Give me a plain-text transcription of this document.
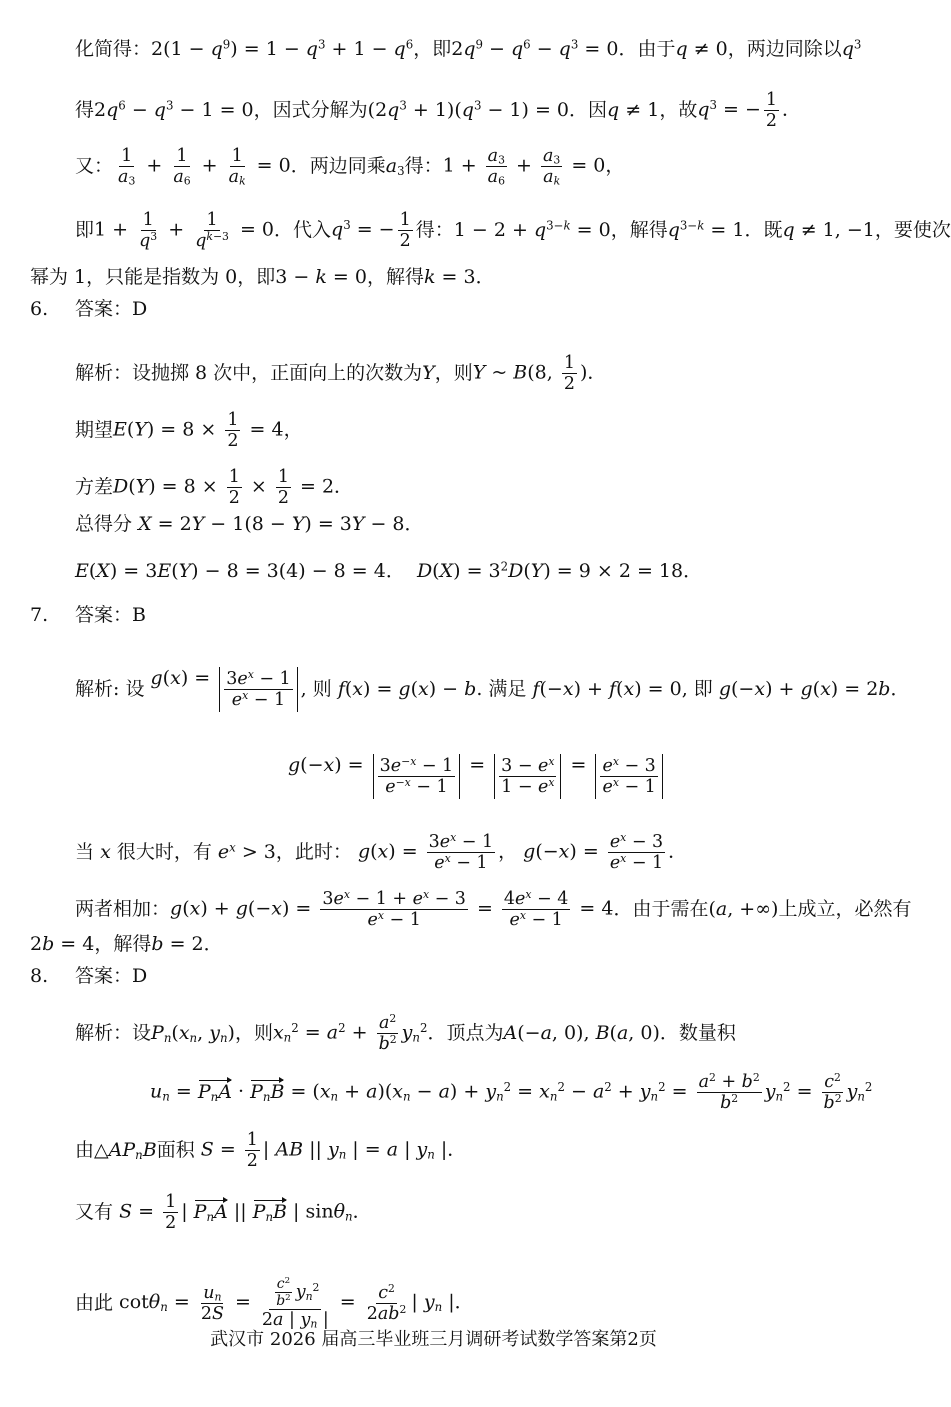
化简得： $2(1 - q^9) = 1 - q^3 + 1 - q^6$ ，即 $2q^9 - q^6 - q^3 = 0$ ．由于 q ≠ 0 ，两边同除以 $q^3$
得 $2q^6 - q^3 - 1 = 0$ ，因式分解为 $(2q^3 + 1)(q^3 - 1) = 0$ ．因 q ≠ 1 ，故 $q^3$ = − $\frac{1}{2}$ ．
又： $\frac{1}{a_3} + \frac{1}{a_6} + \frac{1}{a_k} = 0$ ．两边同乘 $a_3$ 得： $1 + \frac{a_3}{a_6} + \frac{a_3}{a_k} = 0$，
即 $1 + \frac{1}{q^3} + \frac{1}{q^{k-3}} = 0$ ．代入 $q^3$ = − $\frac{1}{2}$ 得： $1 - 2 + q^{3-k} = 0$ ，解得 $q^{3-k} = 1$ ．既 q ≠ 1, −1 ，要使次
幂为 1，只能是指数为 0，即 3 − k = 0 ，解得 k = 3．
6.	答案：D
解析：设抛掷 8 次中，正面向上的次数为 Y ，则 Y ~ B(8, $\frac{1}{2}$ )．
期望 $E(Y) = 8 \times \frac{1}{2} = 4$，
方差 $D(Y) = 8 \times \frac{1}{2} \times \frac{1}{2} = 2$．
总得分 X = 2Y − 1(8 − Y) = 3Y − 8．
E(X) = 3E(Y) − 8 = 3(4) − 8 = 4．  $D(X) = 3^2D(Y) = 9 \times 2 = 18$．
7.	答案：B
解析: 设
$g(x) = \frac{3e^x - 1}{e^x - 1}$ , 则 f(x) = g(x) − b . 满足 f(−x) + f(x) = 0 , 即 g(−x) + g(x) = 2b．
$g(-x) = \frac{3e^{-x} - 1}{e^{-x} - 1} = \frac{3 - e^x}{1 - e^x} = \frac{e^x - 3}{e^x - 1}$
当 x 很大时，有 $e^x > 3$ ，此时： $g(x) = \frac{3e^x - 1}{e^x - 1}$ ， $g(-x) = \frac{e^x - 3}{e^x - 1}$ ．
两者相加： $g(x) + g(-x) = \frac{3e^x - 1 + e^x - 3}{e^x - 1} = \frac{4e^x - 4}{e^x - 1} = 4$ ．由于需在 (a, +∞) 上成立，必然有
2b = 4 ，解得 b = 2．
8.	答案：D
解析：设 $P_n(x_n$, $y_n$) ，则 $x_n^2 = a^2 + \frac{a^2}{b^2} y_n^2$ ．顶点为 A(−a, 0), B(a, 0) ．数量积
$u_n = P_nA \cdot P_nB = (x_n + a)(x_n - a) + y_n^2 = x_n^2 - a^2 + y_n^2 = \frac{a^2 + b^2}{b^2} y_n^2 = \frac{c^2}{b^2} y_n^2$
由 $\triangle AP_nB$ 面积 $S = \frac{1}{2}$ | AB || $y_n$ | = a | $y_n$ |．
又有 $S = \frac{1}{2}$ | $P_nA$ || $P_nB$ | sinθ$_n$．
由此 $\cot\theta_n = \frac{u_n}{2S} = \frac{\frac{c^2}{b^2} y_n^2}{2a | y_n |} = \frac{c^2}{2ab^2}$ | $y_n$ |．
武汉市 2026 届高三毕业班三月调研考试数学答案第2页
